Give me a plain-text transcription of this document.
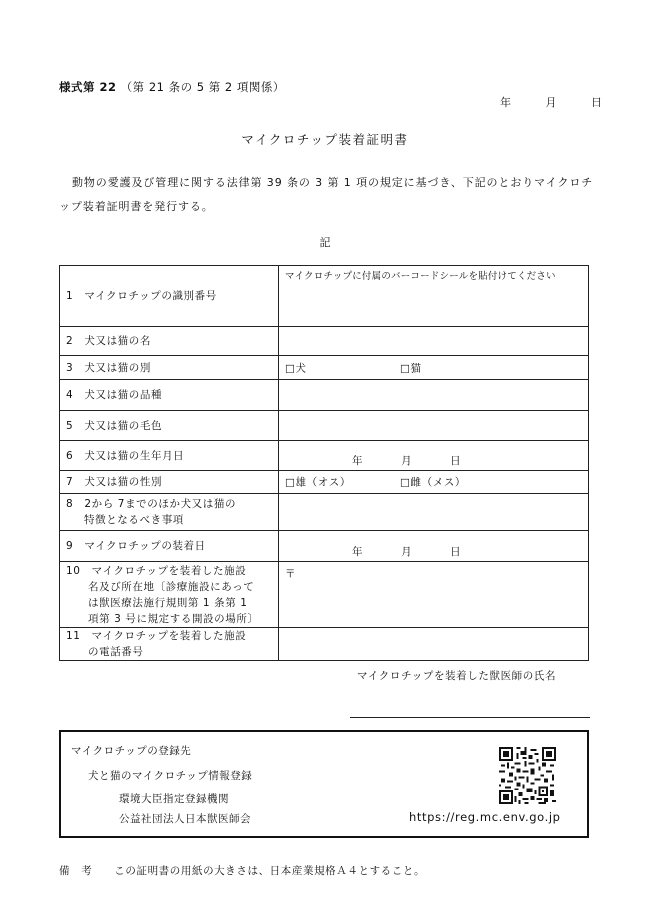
様式第 22 （第 21 条の 5 第 2 項関係）
年	月	日
マイクロチップ装着証明書
動物の愛護及び管理に関する法律第 39 条の 3 第 1 項の規定に基づき、下記のとおりマイクロチップ装着証明書を発行する。
記
1　マイクロチップの識別番号	マイクロチップに付属のバーコードシールを貼付けてください

2　犬又は猫の名	
3　犬又は猫の別	□犬 □猫

4　犬又は猫の品種	
5　犬又は猫の毛色	
6　犬又は猫の生年月日	年 月 日

7　犬又は猫の性別	□雄（オス） □雌（メス）

8　2から 7までのほか犬又は猫の
特徴となるべき事項	

9　マイクロチップの装着日	年 月 日

10　マイクロチップを装着した施設
名及び所在地〔診療施設にあって
は獣医療法施行規則第 1 条第 1
項第 3 号に規定する開設の場所〕	〒

11　マイクロチップを装着した施設
の電話番号	

マイクロチップを装着した獣医師の氏名
マイクロチップの登録先
犬と猫のマイクロチップ情報登録
環境大臣指定登録機関
公益社団法人日本獣医師会	https://reg.mc.env.go.jp
備　考 この証明書の用紙の大きさは、日本産業規格Ａ４とすること。
